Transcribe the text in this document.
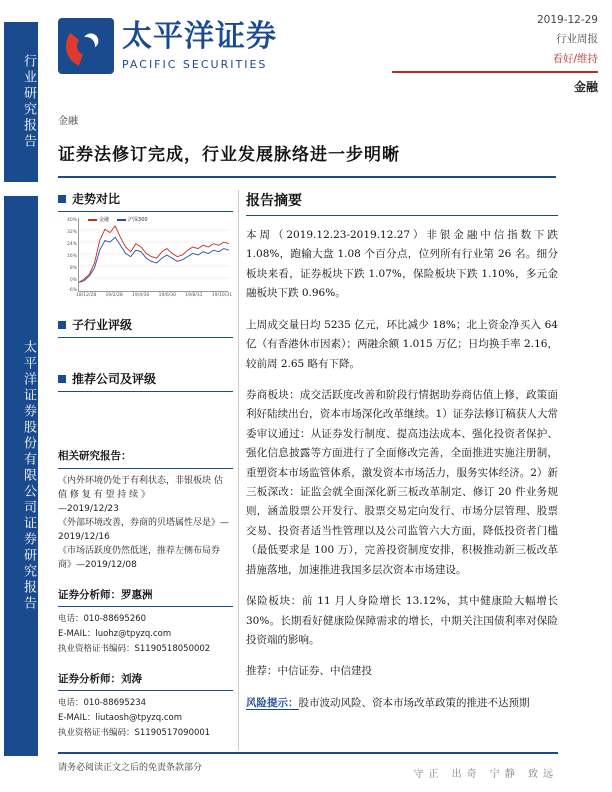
行业研究报告
太平洋证券股份有限公司证券研究报告
太平洋证券
PACIFIC SECURITIES
2019-12-29
行业周报
看好/维持
金融
金融
证券法修订完成，行业发展脉络进一步明晰
走势对比
金融	沪深300
40%
32%
24%
16%
8%
0%
-6%
18/12/28 19/2/28 19/4/30 19/6/30 19/8/31 19/10/31
子行业评级
推荐公司及评级
相关研究报告：
《内外环境仍处于有利状态，非银板块 估 值 修 复 有 望 持 续 》
—2019/12/23
《外部环境改善，券商的贝塔属性尽是》—2019/12/16
《市场活跃度仍然低迷，推荐左侧布局券商》—2019/12/08
证券分析师：罗惠洲
电话：010-88695260
E-MAIL：luohz@tpyzq.com
执业资格证书编码：S1190518050002
证券分析师：刘涛
电话：010-88695234
E-MAIL：liutaosh@tpyzq.com
执业资格证书编码：S1190517090001
报告摘要
本周（2019.12.23-2019.12.27）非银金融中信指数下跌 1.08%，跑输大盘 1.08 个百分点，位列所有行业第 26 名。细分板块来看，证券板块下跌 1.07%，保险板块下跌 1.10%，多元金融板块下跌 0.96%。
上周成交量日均 5235 亿元，环比减少 18%；北上资金净买入 64 亿（有香港休市因素）；两融余额 1.015 万亿；日均换手率 2.16，较前周 2.65 略有下降。
券商板块：成交活跃度改善和阶段行情据助券商估值上修，政策面利好陆续出台，资本市场深化改革继续。1）证券法修订稿获人大常委审议通过：从证券发行制度、提高违法成本、强化投资者保护、强化信息披露等方面进行了全面修改完善，全面推进实施注册制，重塑资本市场监管体系，激发资本市场活力，服务实体经济。2）新三板深改：证监会就全面深化新三板改革制定、修订 20 件业务规则，涵盖股票公开发行、股票交易定向发行、市场分层管理、股票交易、投资者适当性管理以及公司监管六大方面，降低投资者门槛（最低要求是 100 万），完善投资制度安排，积极推动新三板改革措施落地，加速推进我国多层次资本市场建设。
保险板块：前 11 月人身险增长 13.12%，其中健康险大幅增长 30%。长期看好健康险保障需求的增长，中期关注国债利率对保险投资端的影响。
推荐：中信证券、中信建投
风险提示：股市波动风险、资本市场改革政策的推进不达预期
请务必阅读正文之后的免责条款部分
守正 出奇 宁静 致远
